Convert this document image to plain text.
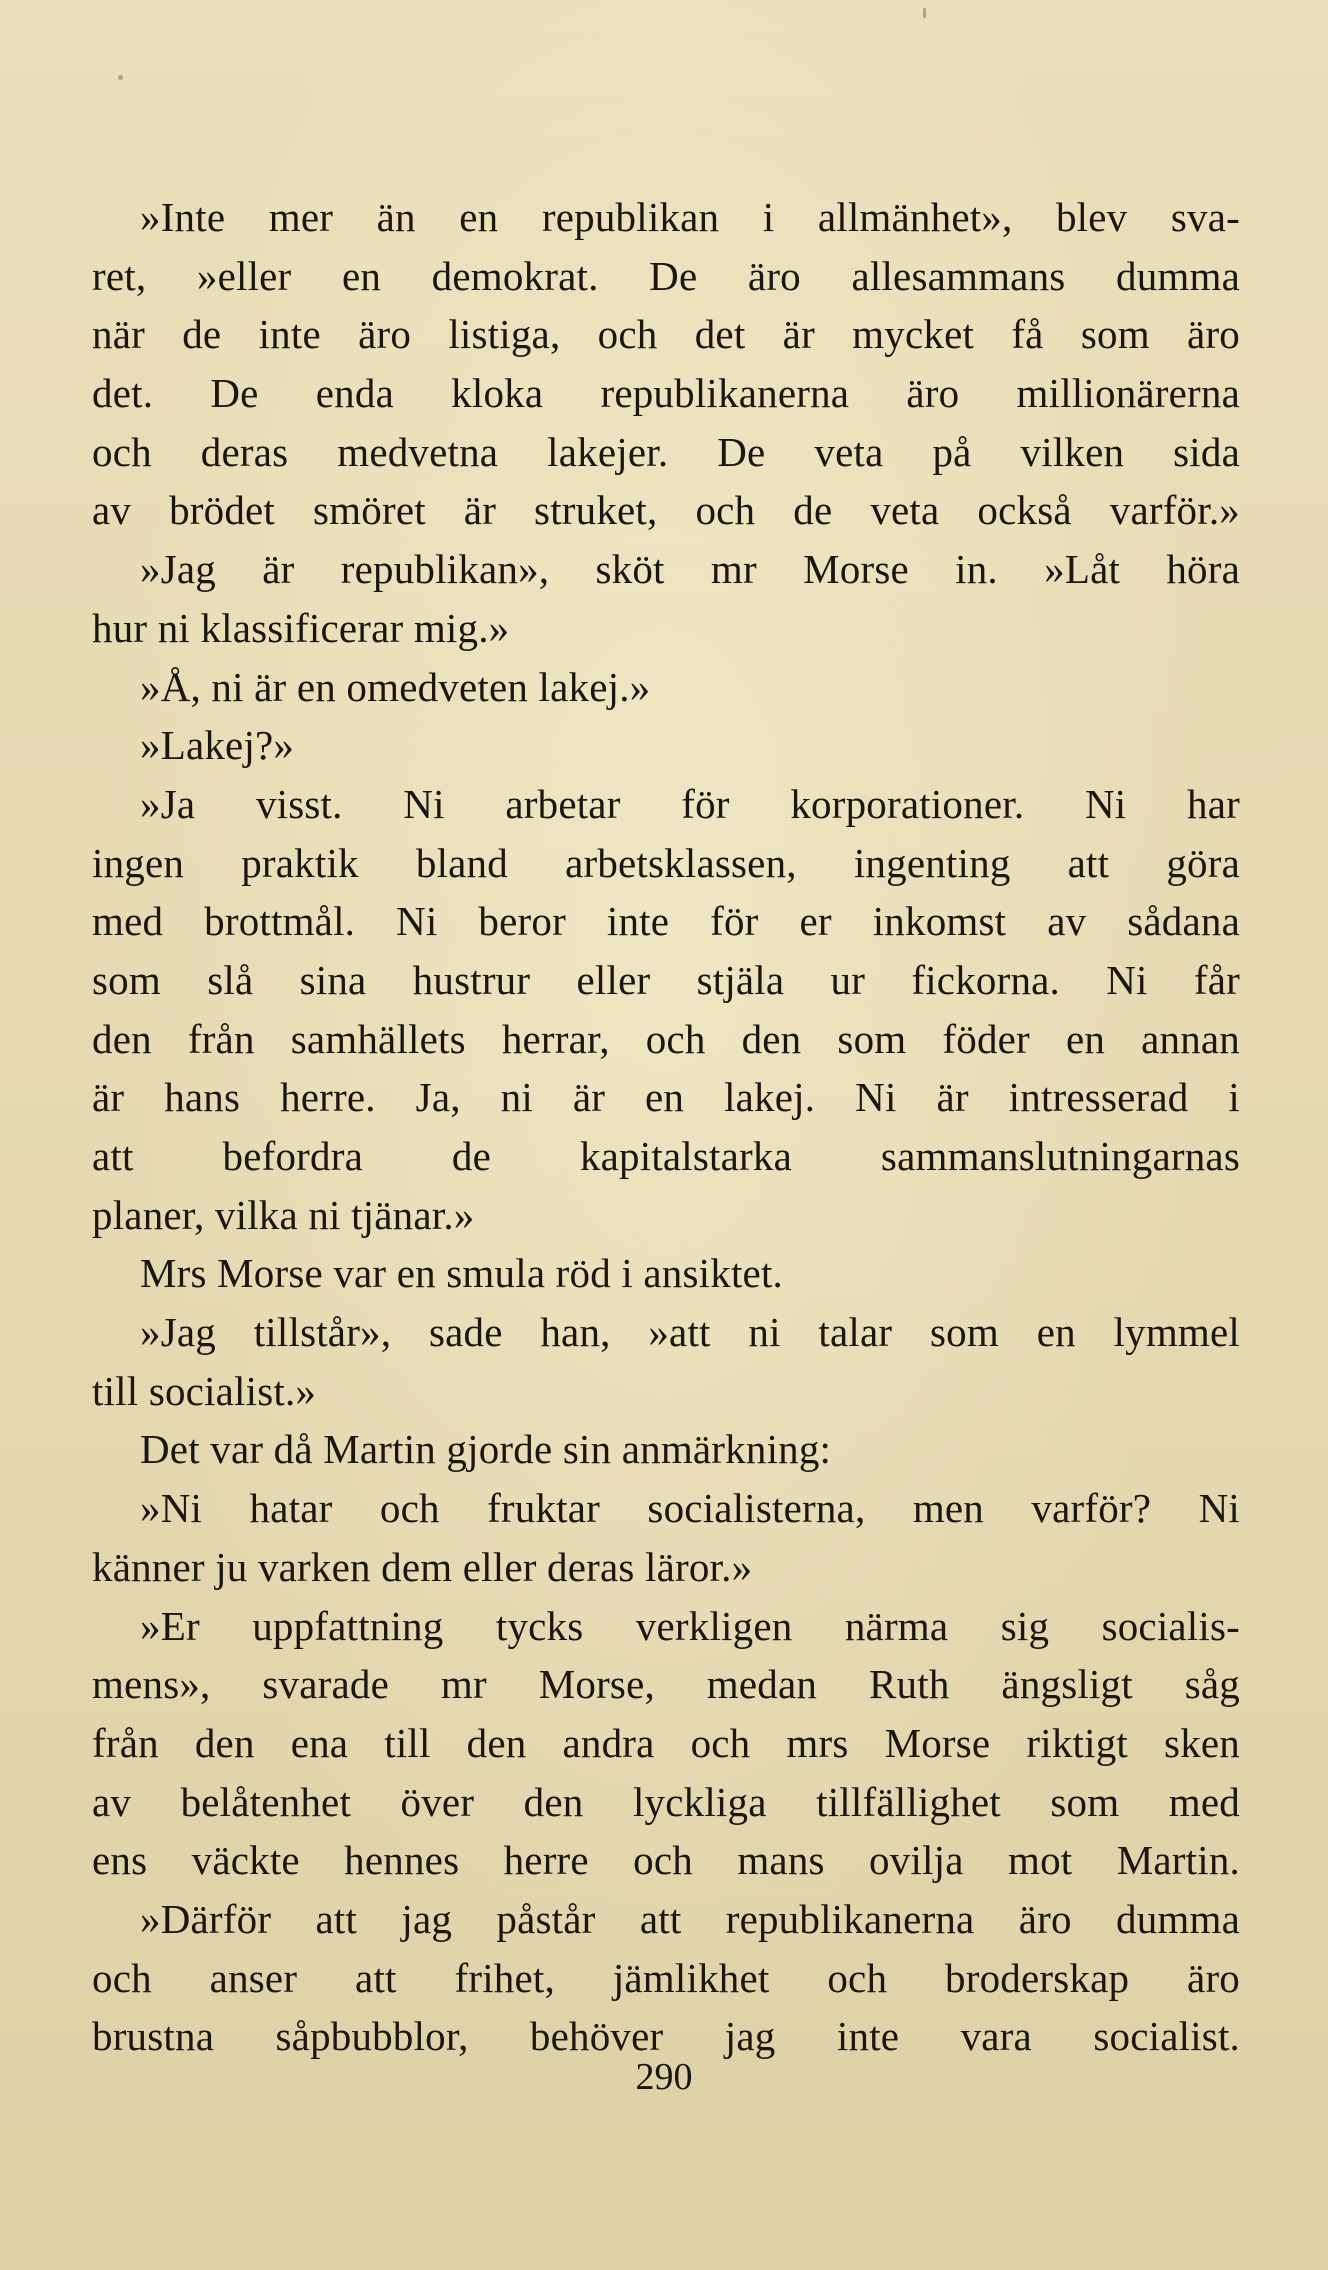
»Inte mer än en republikan i allmänhet», blev sva-
ret, »eller en demokrat. De äro allesammans dumma
när de inte äro listiga, och det är mycket få som äro
det. De enda kloka republikanerna äro millionärerna
och deras medvetna lakejer. De veta på vilken sida
av brödet smöret är struket, och de veta också varför.»
»Jag är republikan», sköt mr Morse in. »Låt höra
hur ni klassificerar mig.»
»Å, ni är en omedveten lakej.»
»Lakej?»
»Ja visst. Ni arbetar för korporationer. Ni har
ingen praktik bland arbetsklassen, ingenting att göra
med brottmål. Ni beror inte för er inkomst av sådana
som slå sina hustrur eller stjäla ur fickorna. Ni får
den från samhällets herrar, och den som föder en annan
är hans herre. Ja, ni är en lakej. Ni är intresserad i
att befordra de kapitalstarka sammanslutningarnas
planer, vilka ni tjänar.»
Mrs Morse var en smula röd i ansiktet.
»Jag tillstår», sade han, »att ni talar som en lymmel
till socialist.»
Det var då Martin gjorde sin anmärkning:
»Ni hatar och fruktar socialisterna, men varför? Ni
känner ju varken dem eller deras läror.»
»Er uppfattning tycks verkligen närma sig socialis-
mens», svarade mr Morse, medan Ruth ängsligt såg
från den ena till den andra och mrs Morse riktigt sken
av belåtenhet över den lyckliga tillfällighet som med
ens väckte hennes herre och mans ovilja mot Martin.
»Därför att jag påstår att republikanerna äro dumma
och anser att frihet, jämlikhet och broderskap äro
brustna såpbubblor, behöver jag inte vara socialist.
290
